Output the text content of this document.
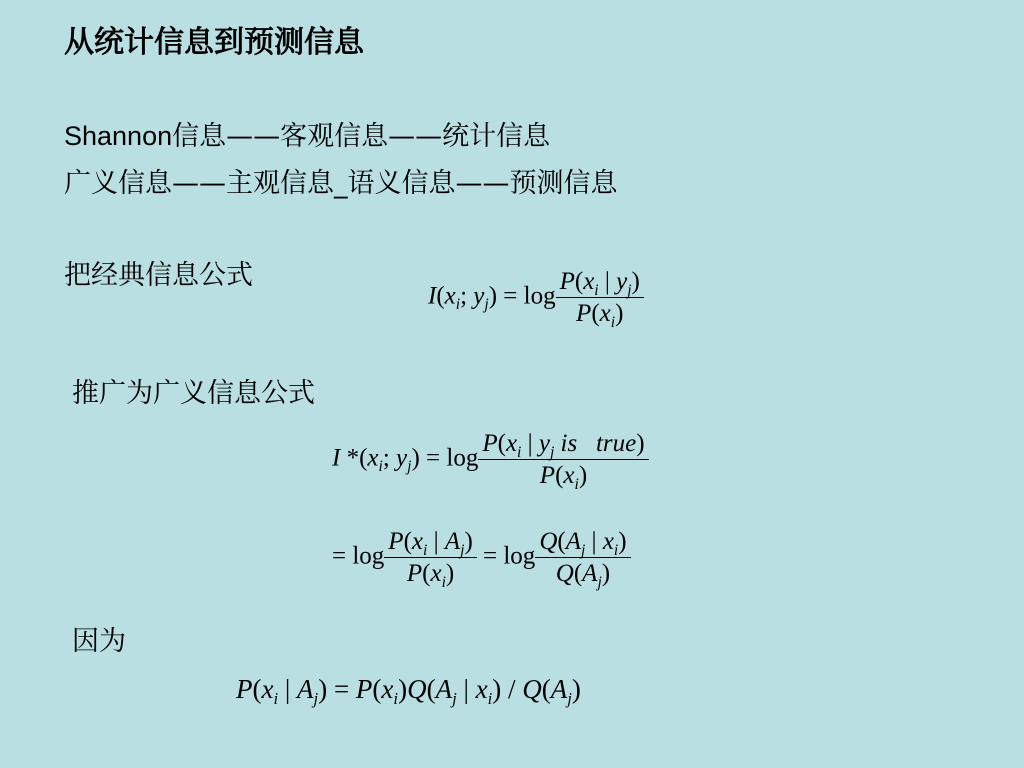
从统计信息到预测信息
Shannon信息——客观信息——统计信息
广义信息——主观信息_语义信息——预测信息
把经典信息公式
推广为广义信息公式
因为
$I(x_i$; $y_j) = \log \frac{P(x_i | y_j)}{P(x_i)}$
I $*(x_i$; $y_j) = \log \frac{P(x_i | y_j is true)}{P(x_i)}$
= $\log \frac{P(x_i | A_j)}{P(x_i)} = \log \frac{Q(A_j | x_i)}{Q(A_j)}$
$P(x_i$ | $A_j) = P(x_i)Q(A_j$ | $x_i) / Q(A_j)$
